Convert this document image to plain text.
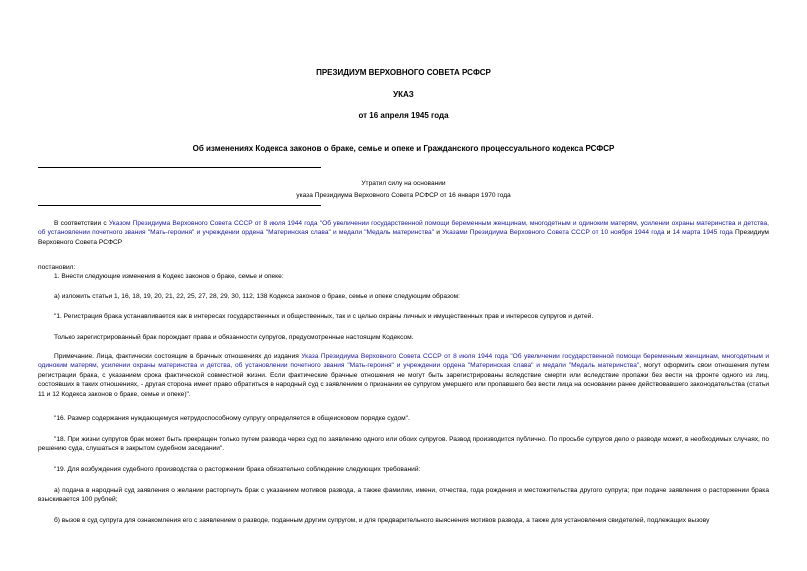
ПРЕЗИДИУМ ВЕРХОВНОГО СОВЕТА РСФСР
УКАЗ
от 16 апреля 1945 года
Об изменениях Кодекса законов о браке, семье и опеке и Гражданского процессуального кодекса РСФСР
Утратил силу на основании
указа Президиума Верховного Совета РСФСР от 16 января 1970 года
В соответствии с Указом Президиума Верховного Совета СССР от 8 июля 1944 года "Об увеличении государственной помощи беременным женщинам, многодетным и одиноким матерям, усилении охраны материнства и детства, об установлении почетного звания "Мать-героиня" и учреждении ордена "Материнская слава" и медали "Медаль материнства" и Указами Президиума Верховного Совета СССР от 10 ноября 1944 года и 14 марта 1945 года Президиум Верховного Совета РСФСР
постановил:
1. Внести следующие изменения в Кодекс законов о браке, семье и опеке:
а) изложить статьи 1, 16, 18, 19, 20, 21, 22, 25, 27, 28, 29, 30, 112, 138 Кодекса законов о браке, семье и опеке следующим образом:
"1. Регистрация брака устанавливается как в интересах государственных и общественных, так и с целью охраны личных и имущественных прав и интересов супругов и детей.
Только зарегистрированный брак порождает права и обязанности супругов, предусмотренные настоящим Кодексом.
Примечание. Лица, фактически состоящие в брачных отношениях до издания Указа Президиума Верховного Совета СССР от 8 июля 1944 года "Об увеличении государственной помощи беременным женщинам, многодетным и одиноким матерям, усилении охраны материнства и детства, об установлении почетного звания "Мать-героиня" и учреждении ордена "Материнская слава" и медали "Медаль материнства", могут оформить свои отношения путем регистрации брака, с указанием срока фактической совместной жизни. Если фактические брачные отношения не могут быть зарегистрированы вследствие смерти или вследствие пропажи без вести на фронте одного из лиц, состоявших в таких отношениях, - другая сторона имеет право обратиться в народный суд с заявлением о признании ее супругом умершего или пропавшего без вести лица на основании ранее действовавшего законодательства (статьи 11 и 12 Кодекса законов о браке, семье и опеке)".
"16. Размер содержания нуждающемуся нетрудоспособному супругу определяется в общеисковом порядке судом".
"18. При жизни супругов брак может быть прекращен только путем развода через суд по заявлению одного или обоих супругов. Развод производится публично. По просьбе супругов дело о разводе может, в необходимых случаях, по решению суда, слушаться в закрытом судебном заседании".
"19. Для возбуждения судебного производства о расторжении брака обязательно соблюдение следующих требований:
а) подача в народный суд заявления о желании расторгнуть брак с указанием мотивов развода, а также фамилии, имени, отчества, года рождения и местожительства другого супруга; при подаче заявления о расторжении брака взыскивается 100 рублей;
б) вызов в суд супруга для ознакомления его с заявлением о разводе, поданным другим супругом, и для предварительного выяснения мотивов развода, а также для установления свидетелей, подлежащих вызову
